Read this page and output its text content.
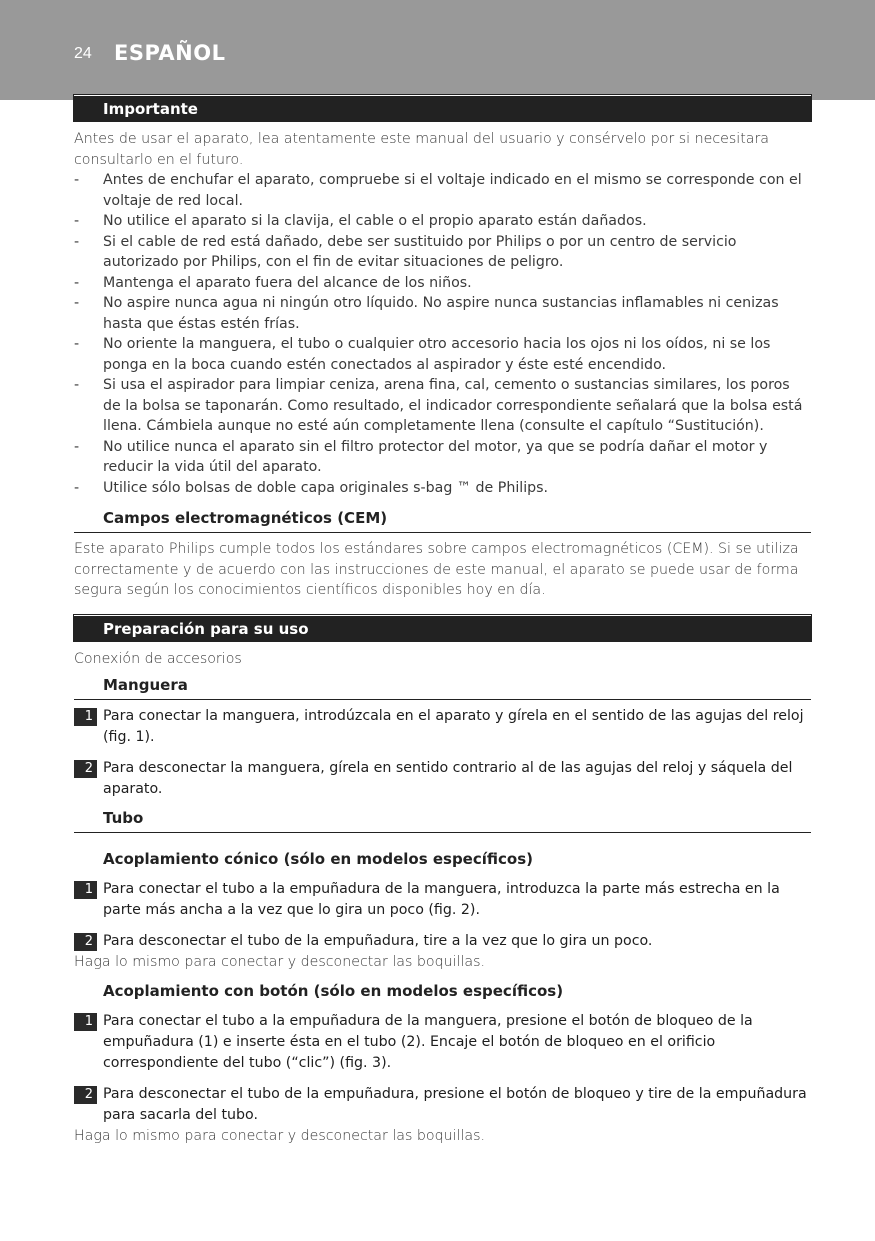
24 ESPAÑOL
Importante
Antes de usar el aparato, lea atentamente este manual del usuario y consérvelo por si necesitara consultarlo en el futuro.
-	Antes de enchufar el aparato, compruebe si el voltaje indicado en el mismo se corresponde con el voltaje de red local.
-	No utilice el aparato si la clavija, el cable o el propio aparato están dañados.
-	Si el cable de red está dañado, debe ser sustituido por Philips o por un centro de servicio autorizado por Philips, con el fin de evitar situaciones de peligro.
-	Mantenga el aparato fuera del alcance de los niños.
-	No aspire nunca agua ni ningún otro líquido. No aspire nunca sustancias inflamables ni cenizas hasta que éstas estén frías.
-	No oriente la manguera, el tubo o cualquier otro accesorio hacia los ojos ni los oídos, ni se los ponga en la boca cuando estén conectados al aspirador y éste esté encendido.
-	Si usa el aspirador para limpiar ceniza, arena fina, cal, cemento o sustancias similares, los poros de la bolsa se taponarán. Como resultado, el indicador correspondiente señalará que la bolsa está llena. Cámbiela aunque no esté aún completamente llena (consulte el capítulo “Sustitución).
-	No utilice nunca el aparato sin el filtro protector del motor, ya que se podría dañar el motor y reducir la vida útil del aparato.
-	Utilice sólo bolsas de doble capa originales s-bag ™ de Philips.
Campos electromagnéticos (CEM)
Este aparato Philips cumple todos los estándares sobre campos electromagnéticos (CEM). Si se utiliza correctamente y de acuerdo con las instrucciones de este manual, el aparato se puede usar de forma segura según los conocimientos científicos disponibles hoy en día.
Preparación para su uso
Conexión de accesorios
Manguera
1 Para conectar la manguera, introdúzcala en el aparato y gírela en el sentido de las agujas del reloj (fig. 1).
2 Para desconectar la manguera, gírela en sentido contrario al de las agujas del reloj y sáquela del aparato.
Tubo
Acoplamiento cónico (sólo en modelos específicos)
1 Para conectar el tubo a la empuñadura de la manguera, introduzca la parte más estrecha en la parte más ancha a la vez que lo gira un poco (fig. 2).
2 Para desconectar el tubo de la empuñadura, tire a la vez que lo gira un poco.
Haga lo mismo para conectar y desconectar las boquillas.
Acoplamiento con botón (sólo en modelos específicos)
1 Para conectar el tubo a la empuñadura de la manguera, presione el botón de bloqueo de la empuñadura (1) e inserte ésta en el tubo (2). Encaje el botón de bloqueo en el orificio correspondiente del tubo (“clic”) (fig. 3).
2 Para desconectar el tubo de la empuñadura, presione el botón de bloqueo y tire de la empuñadura para sacarla del tubo.
Haga lo mismo para conectar y desconectar las boquillas.
